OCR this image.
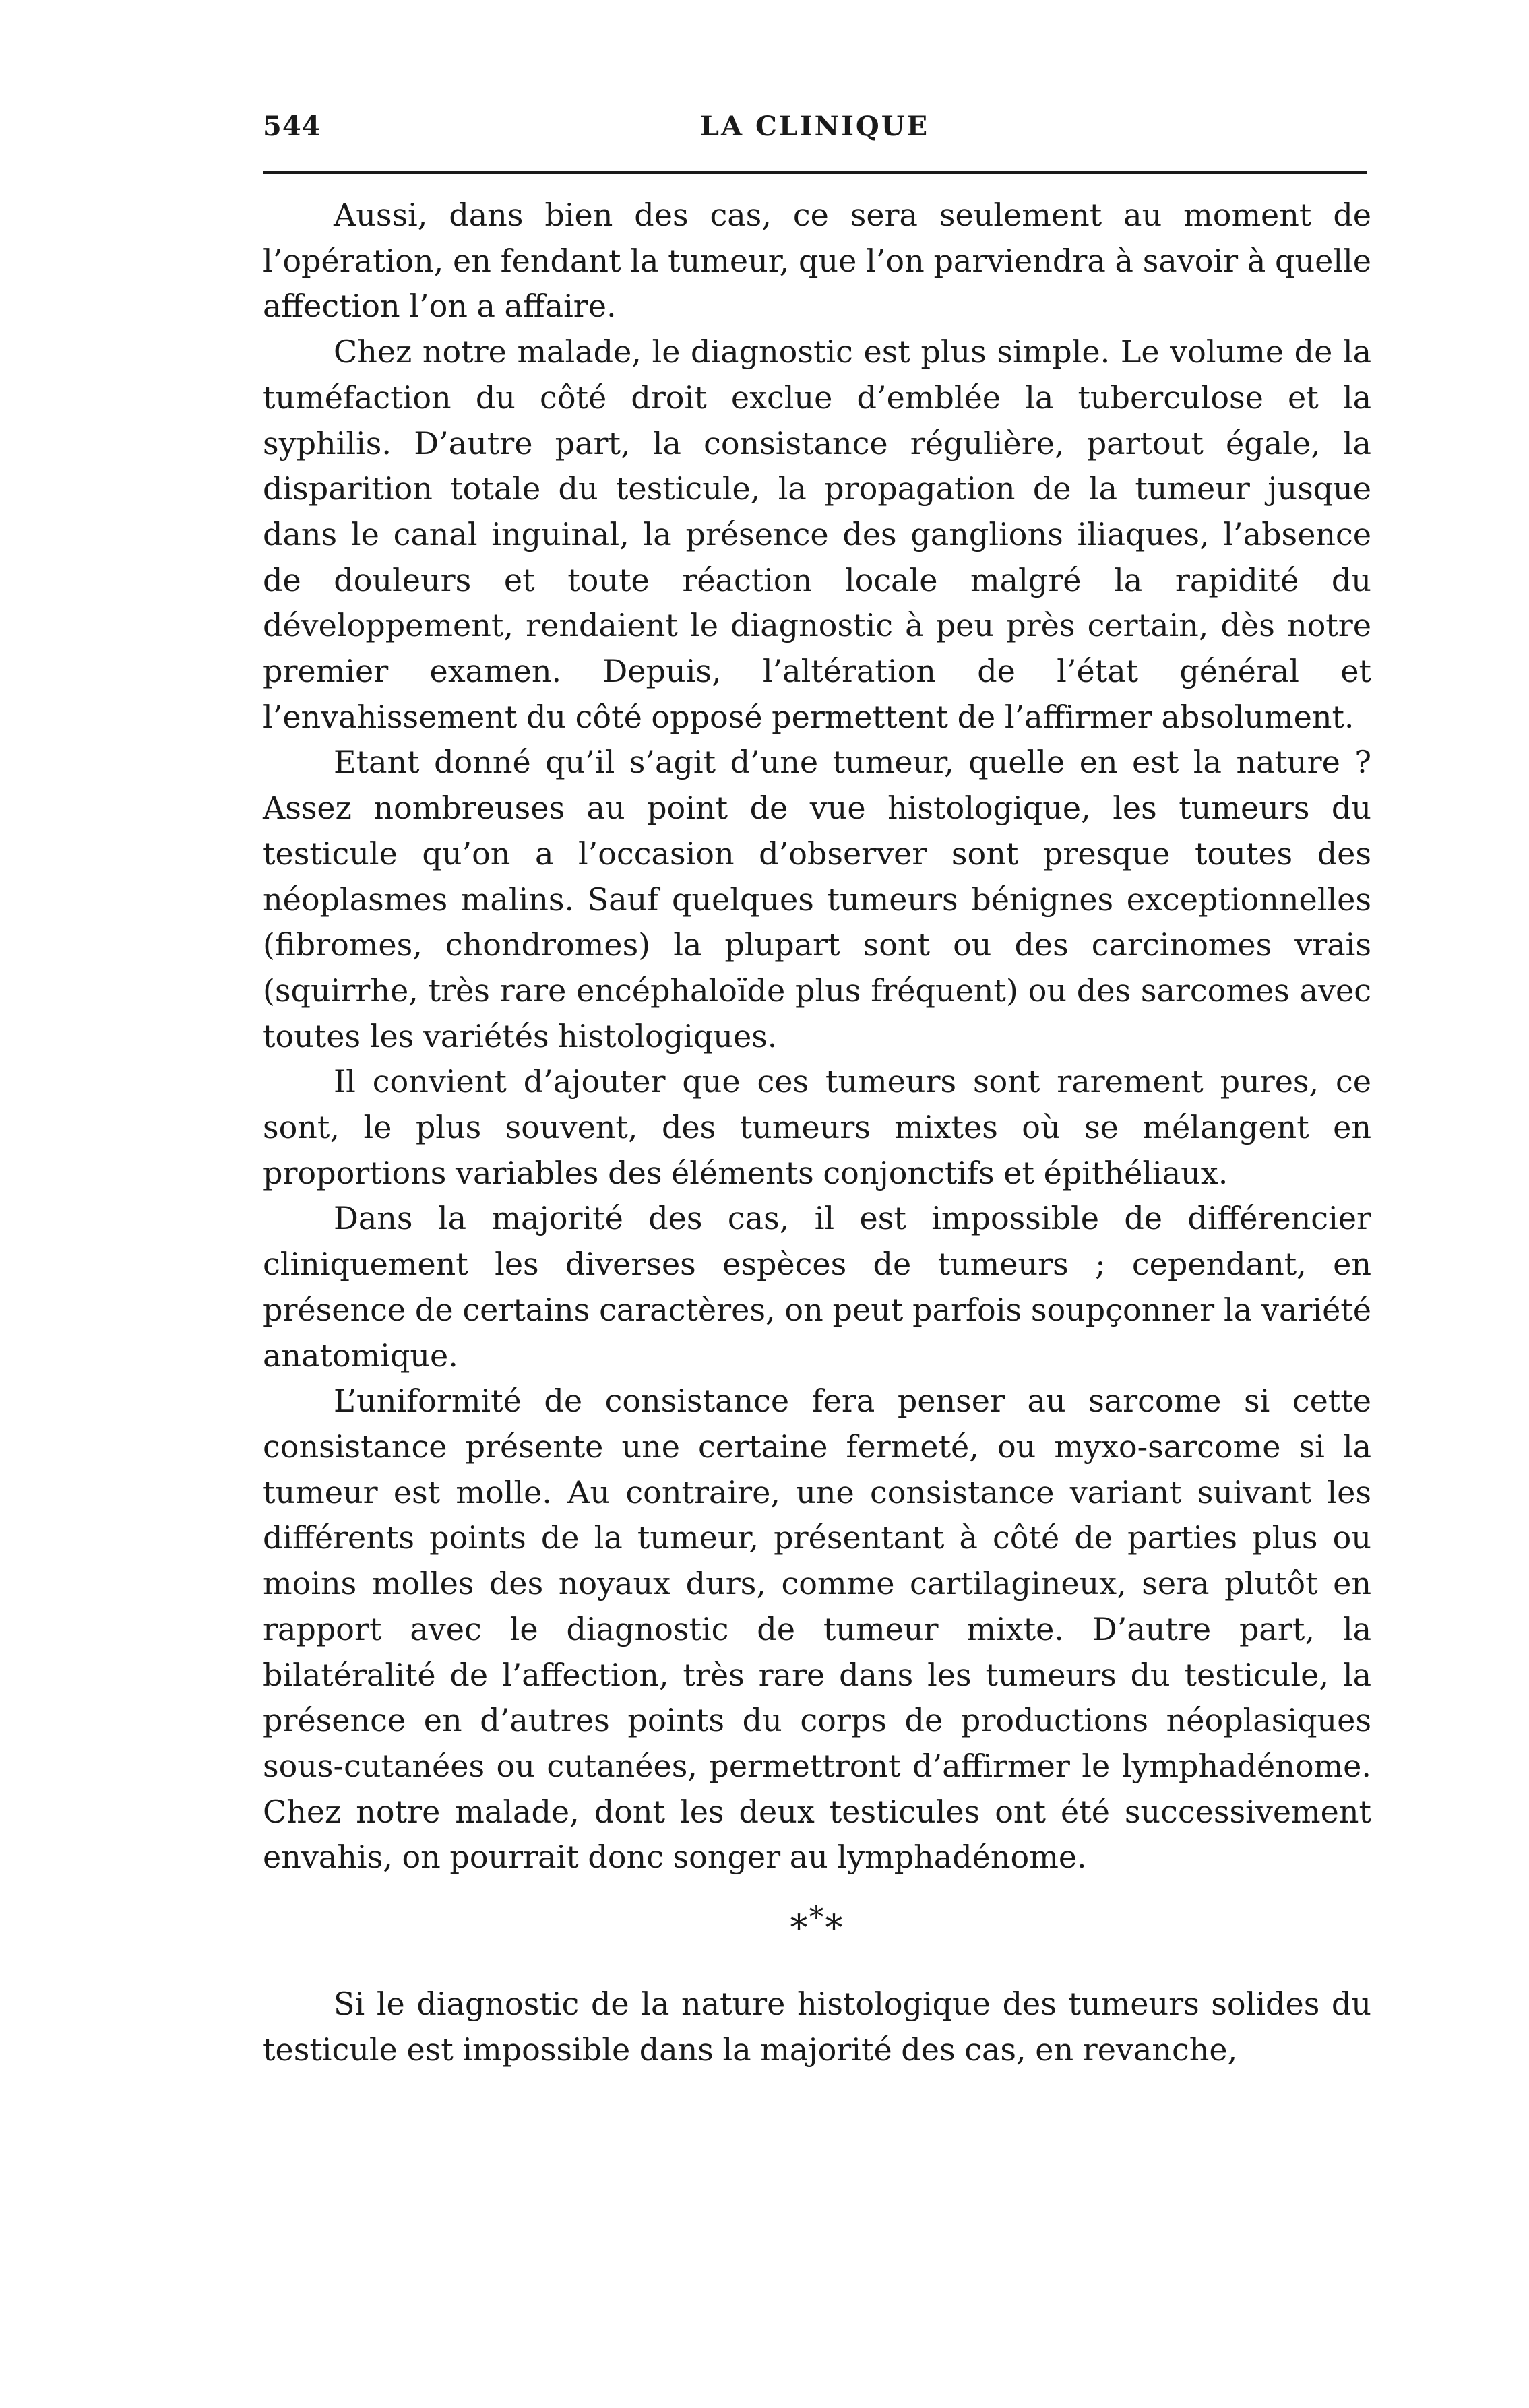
544	LA CLINIQUE

Aussi, dans bien des cas, ce sera seulement au moment de l’opération, en fendant la tumeur, que l’on parviendra à savoir à quelle affection l’on a affaire.

Chez notre malade, le diagnostic est plus simple. Le volume de la tuméfaction du côté droit exclue d’emblée la tuberculose et la syphilis. D’autre part, la consistance régulière, partout égale, la disparition totale du testicule, la propagation de la tumeur jusque dans le canal inguinal, la présence des ganglions iliaques, l’absence de douleurs et toute réaction locale malgré la rapidité du développement, rendaient le diagnostic à peu près certain, dès notre premier examen. Depuis, l’altération de l’état général et l’envahissement du côté opposé permettent de l’affirmer absolument.

Etant donné qu’il s’agit d’une tumeur, quelle en est la nature ? Assez nombreuses au point de vue histologique, les tumeurs du testicule qu’on a l’occasion d’observer sont presque toutes des néoplasmes malins. Sauf quelques tumeurs bénignes exceptionnelles (fibromes, chondromes) la plupart sont ou des carcinomes vrais (squirrhe, très rare encéphaloïde plus fréquent) ou des sarcomes avec toutes les variétés histologiques.

Il convient d’ajouter que ces tumeurs sont rarement pures, ce sont, le plus souvent, des tumeurs mixtes où se mélangent en proportions variables des éléments conjonctifs et épithéliaux.

Dans la majorité des cas, il est impossible de différencier cliniquement les diverses espèces de tumeurs ; cependant, en présence de certains caractères, on peut parfois soupçonner la variété anatomique.

L’uniformité de consistance fera penser au sarcome si cette consistance présente une certaine fermeté, ou myxo-sarcome si la tumeur est molle. Au contraire, une consistance variant suivant les différents points de la tumeur, présentant à côté de parties plus ou moins molles des noyaux durs, comme cartilagineux, sera plutôt en rapport avec le diagnostic de tumeur mixte. D’autre part, la bilatéralité de l’affection, très rare dans les tumeurs du testicule, la présence en d’autres points du corps de productions néoplasiques sous-cutanées ou cutanées, permettront d’affirmer le lymphadénome. Chez notre malade, dont les deux testicules ont été successivement envahis, on pourrait donc songer au lymphadénome.

***

Si le diagnostic de la nature histologique des tumeurs solides du testicule est impossible dans la majorité des cas, en revanche,
